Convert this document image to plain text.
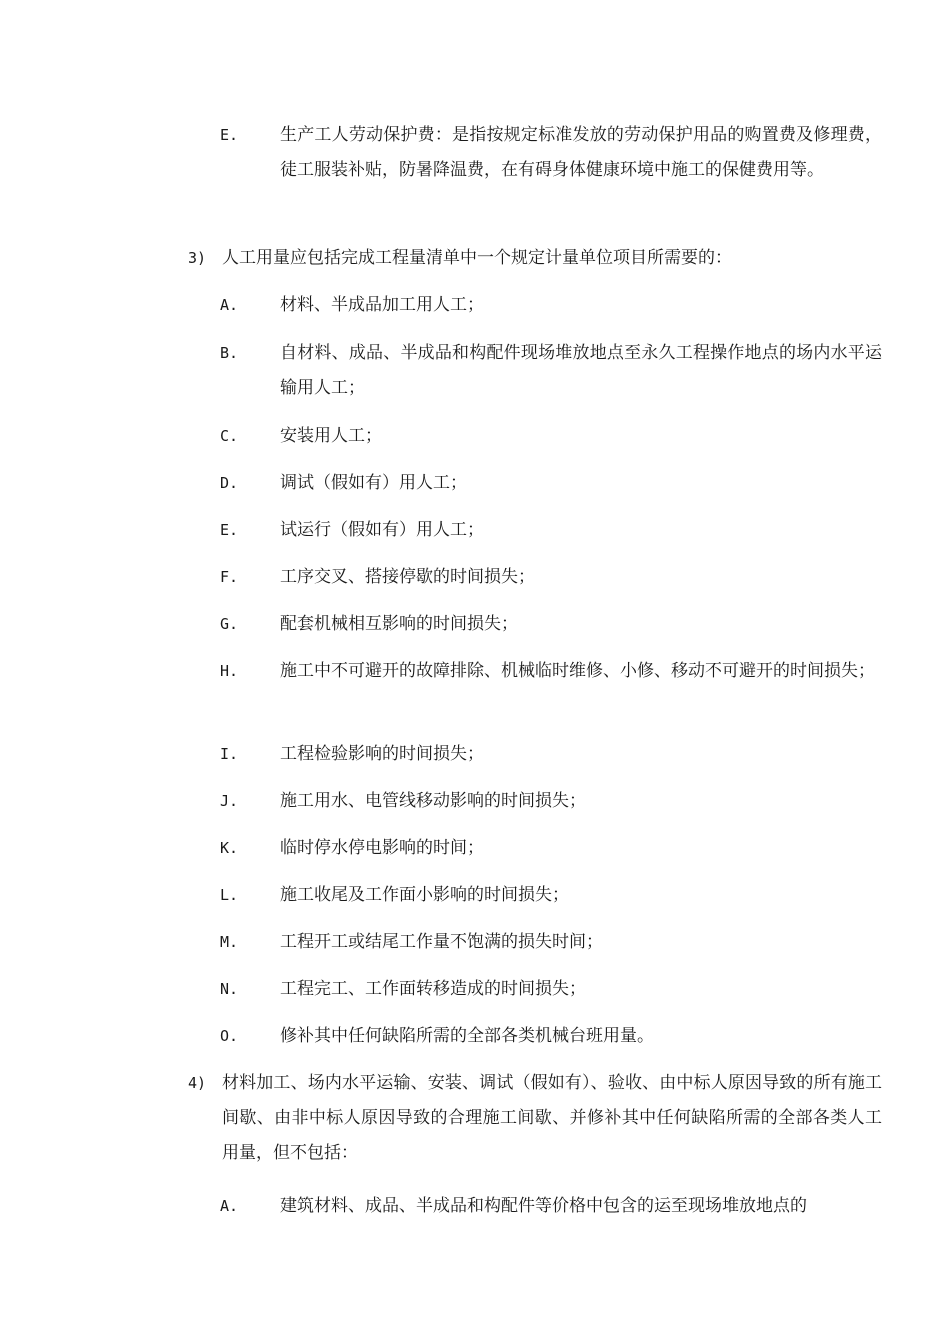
E. 生产工人劳动保护费：是指按规定标准发放的劳动保护用品的购置费及修理费，徒工服装补贴，防暑降温费，在有碍身体健康环境中施工的保健费用等。
3) 人工用量应包括完成工程量清单中一个规定计量单位项目所需要的：
A. 材料、半成品加工用人工；
B. 自材料、成品、半成品和构配件现场堆放地点至永久工程操作地点的场内水平运输用人工；
C. 安装用人工；
D. 调试（假如有）用人工；
E. 试运行（假如有）用人工；
F. 工序交叉、搭接停歇的时间损失；
G. 配套机械相互影响的时间损失；
H. 施工中不可避开的故障排除、机械临时维修、小修、移动不可避开的时间损失；
I. 工程检验影响的时间损失；
J. 施工用水、电管线移动影响的时间损失；
K. 临时停水停电影响的时间；
L. 施工收尾及工作面小影响的时间损失；
M. 工程开工或结尾工作量不饱满的损失时间；
N. 工程完工、工作面转移造成的时间损失；
O. 修补其中任何缺陷所需的全部各类机械台班用量。
4) 材料加工、场内水平运输、安装、调试（假如有）、验收、由中标人原因导致的所有施工间歇、由非中标人原因导致的合理施工间歇、并修补其中任何缺陷所需的全部各类人工用量，但不包括：
A. 建筑材料、成品、半成品和构配件等价格中包含的运至现场堆放地点的
